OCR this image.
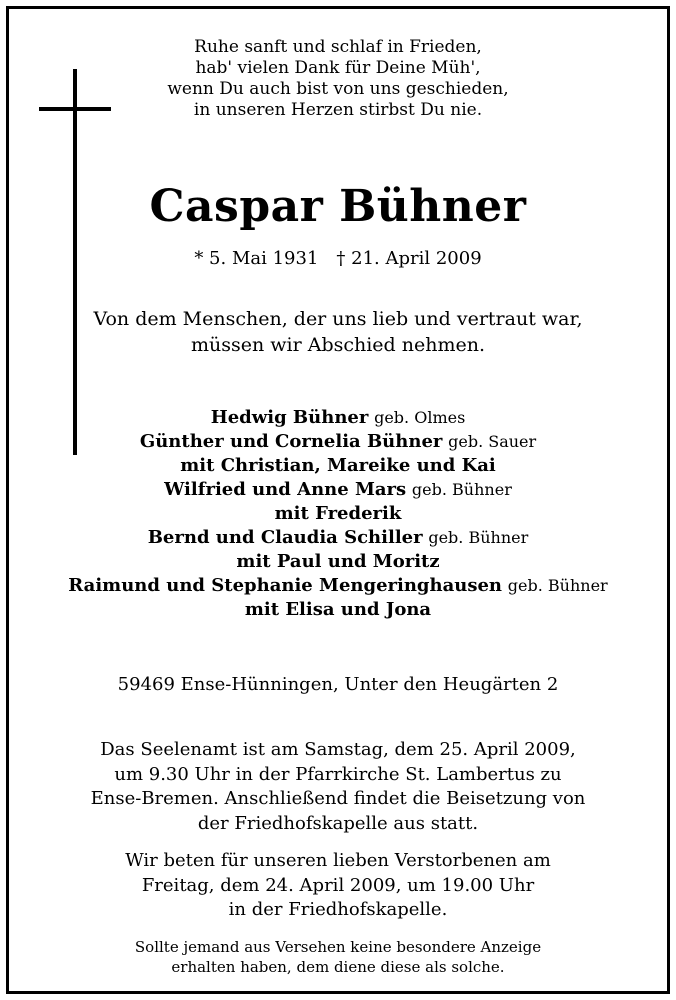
Ruhe sanft und schlaf in Frieden,
hab' vielen Dank für Deine Müh',
wenn Du auch bist von uns geschieden,
in unseren Herzen stirbst Du nie.
Caspar Bühner
* 5. Mai 1931 † 21. April 2009
Von dem Menschen, der uns lieb und vertraut war,
müssen wir Abschied nehmen.
Hedwig Bühner geb. Olmes
Günther und Cornelia Bühner geb. Sauer
mit Christian, Mareike und Kai
Wilfried und Anne Mars geb. Bühner
mit Frederik
Bernd und Claudia Schiller geb. Bühner
mit Paul und Moritz
Raimund und Stephanie Mengeringhausen geb. Bühner
mit Elisa und Jona
59469 Ense-Hünningen, Unter den Heugärten 2
Das Seelenamt ist am Samstag, dem 25. April 2009,
um 9.30 Uhr in der Pfarrkirche St. Lambertus zu
Ense-Bremen. Anschließend findet die Beisetzung von
der Friedhofskapelle aus statt.
Wir beten für unseren lieben Verstorbenen am
Freitag, dem 24. April 2009, um 19.00 Uhr
in der Friedhofskapelle.
Sollte jemand aus Versehen keine besondere Anzeige
erhalten haben, dem diene diese als solche.
